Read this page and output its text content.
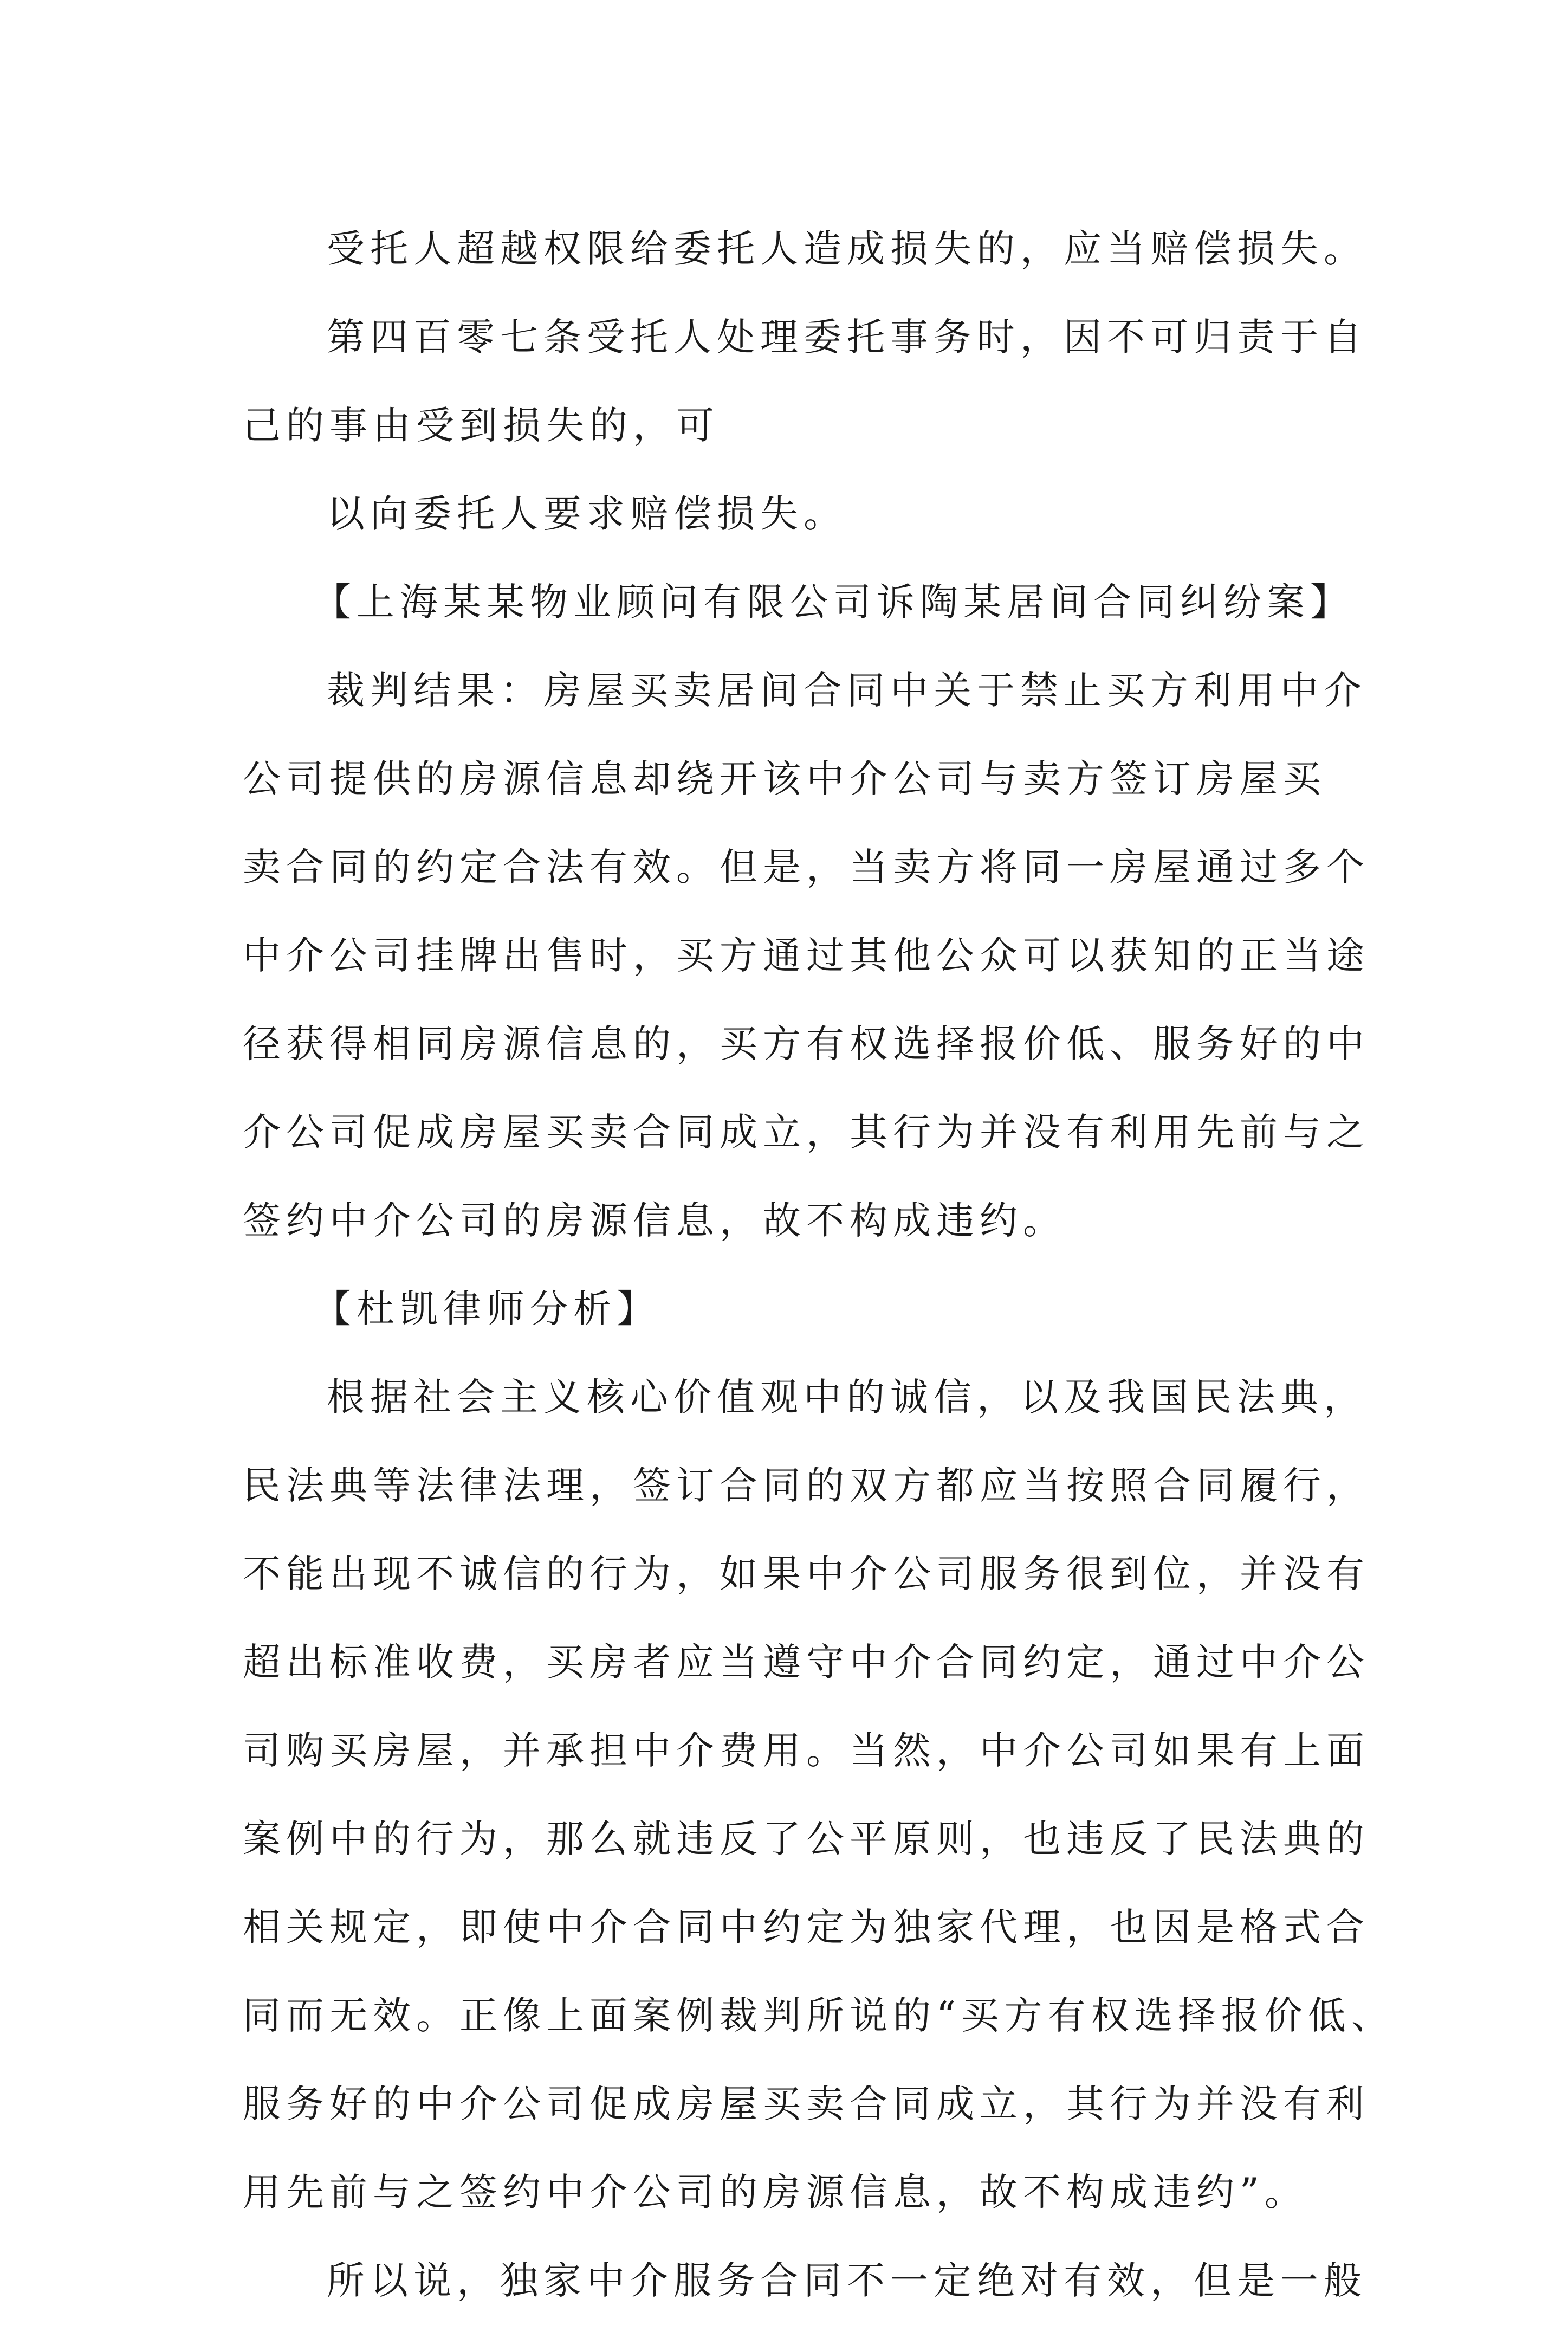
受托人超越权限给委托人造成损失的，应当赔偿损失。
第四百零七条受托人处理委托事务时，因不可归责于自
己的事由受到损失的，可
以向委托人要求赔偿损失。
【上海某某物业顾问有限公司诉陶某居间合同纠纷案】
裁判结果：房屋买卖居间合同中关于禁止买方利用中介
公司提供的房源信息却绕开该中介公司与卖方签订房屋买
卖合同的约定合法有效。但是，当卖方将同一房屋通过多个
中介公司挂牌出售时，买方通过其他公众可以获知的正当途
径获得相同房源信息的，买方有权选择报价低、服务好的中
介公司促成房屋买卖合同成立，其行为并没有利用先前与之
签约中介公司的房源信息，故不构成违约。
【杜凯律师分析】
根据社会主义核心价值观中的诚信，以及我国民法典，
民法典等法律法理，签订合同的双方都应当按照合同履行，
不能出现不诚信的行为，如果中介公司服务很到位，并没有
超出标准收费，买房者应当遵守中介合同约定，通过中介公
司购买房屋，并承担中介费用。当然，中介公司如果有上面
案例中的行为，那么就违反了公平原则，也违反了民法典的
相关规定，即使中介合同中约定为独家代理，也因是格式合
同而无效。正像上面案例裁判所说的“买方有权选择报价低、
服务好的中介公司促成房屋买卖合同成立，其行为并没有利
用先前与之签约中介公司的房源信息，故不构成违约”。
所以说，独家中介服务合同不一定绝对有效，但是一般
